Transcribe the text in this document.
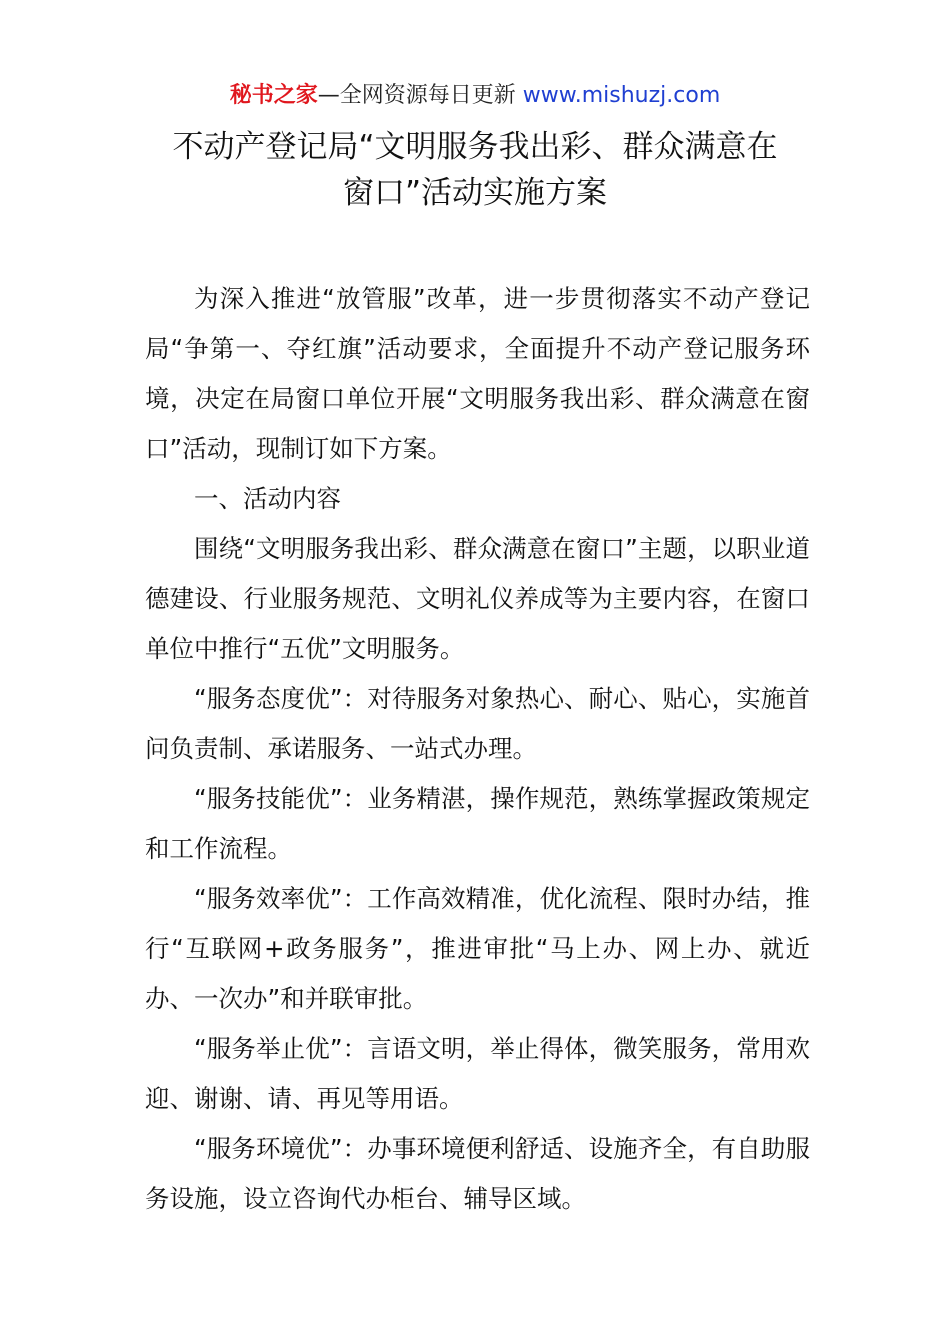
秘书之家—全网资源每日更新 www.mishuzj.com
不动产登记局“文明服务我出彩、群众满意在
窗口”活动实施方案

为深入推进“放管服”改革，进一步贯彻落实不动产登记局“争第一、夺红旗”活动要求，全面提升不动产登记服务环境，决定在局窗口单位开展“文明服务我出彩、群众满意在窗口”活动，现制订如下方案。

一、活动内容

围绕“文明服务我出彩、群众满意在窗口”主题，以职业道德建设、行业服务规范、文明礼仪养成等为主要内容，在窗口单位中推行“五优”文明服务。

“服务态度优”：对待服务对象热心、耐心、贴心，实施首问负责制、承诺服务、一站式办理。

“服务技能优”：业务精湛，操作规范，熟练掌握政策规定和工作流程。

“服务效率优”：工作高效精准，优化流程、限时办结，推行“互联网+政务服务”，推进审批“马上办、网上办、就近办、一次办”和并联审批。

“服务举止优”：言语文明，举止得体，微笑服务，常用欢迎、谢谢、请、再见等用语。

“服务环境优”：办事环境便利舒适、设施齐全，有自助服务设施，设立咨询代办柜台、辅导区域。
